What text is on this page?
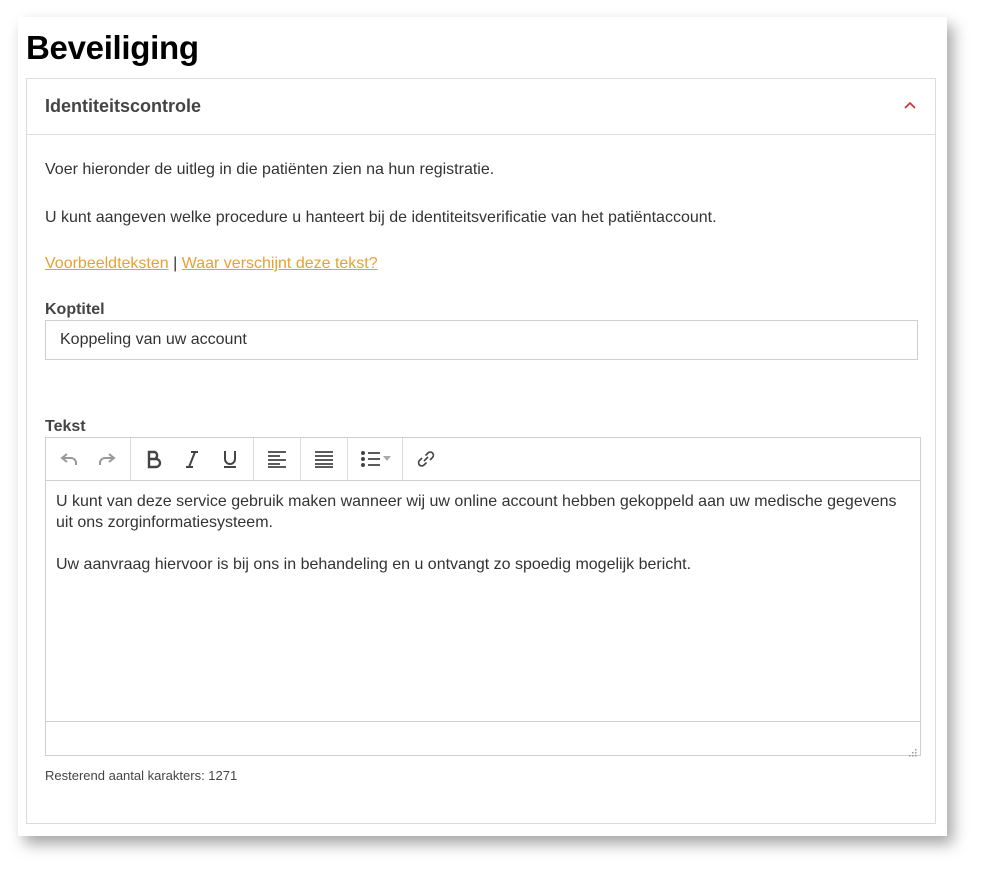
Beveiliging
Identiteitscontrole
Voer hieronder de uitleg in die patiënten zien na hun registratie.
U kunt aangeven welke procedure u hanteert bij de identiteitsverificatie van het patiëntaccount.
Voorbeeldteksten | Waar verschijnt deze tekst?
Koptitel
Koppeling van uw account
Tekst

U kunt van deze service gebruik maken wanneer wij uw online account hebben gekoppeld aan uw medische gegevens uit ons zorginformatiesysteem.

Uw aanvraag hiervoor is bij ons in behandeling en u ontvangt zo spoedig mogelijk bericht.

Resterend aantal karakters: 1271
